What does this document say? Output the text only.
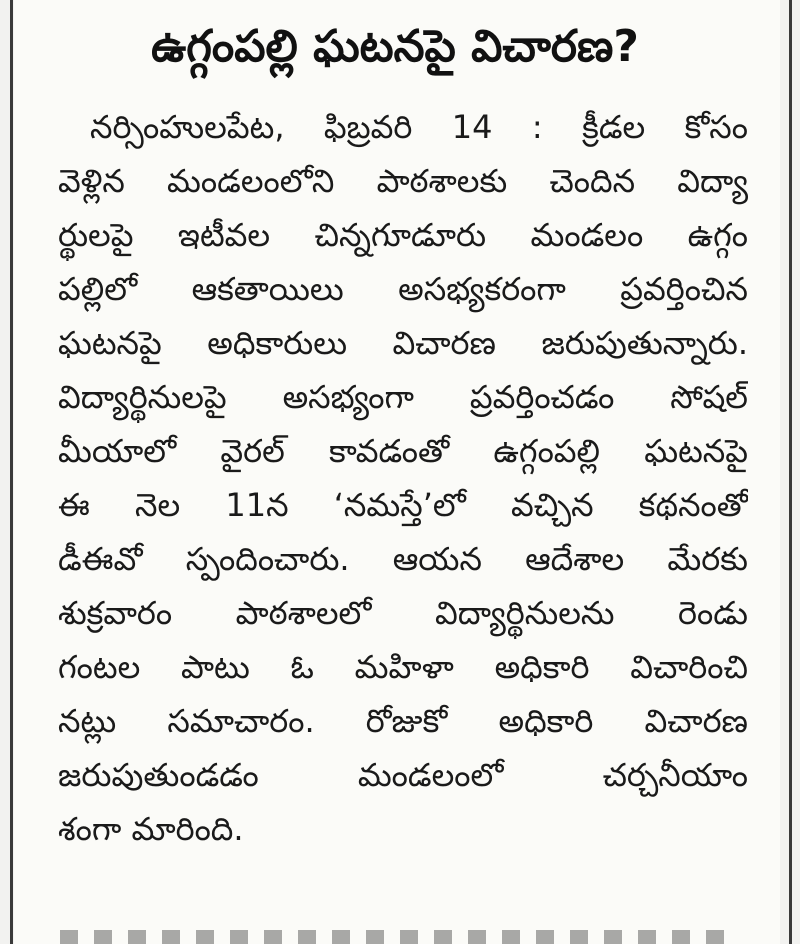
ఉగ్గంపల్లి ఘటనపై విచారణ?
నర్సింహులపేట, ఫిబ్రవరి 14 : క్రీడల కోసం
వెళ్లిన మండలంలోని పాఠశాలకు చెందిన విద్యా
ర్థులపై ఇటీవల చిన్నగూడూరు మండలం ఉగ్గం
పల్లిలో ఆకతాయిలు అసభ్యకరంగా ప్రవర్తించిన
ఘటనపై అధికారులు విచారణ జరుపుతున్నారు.
విద్యార్థినులపై అసభ్యంగా ప్రవర్తించడం సోషల్
మీయాలో వైరల్ కావడంతో ఉగ్గంపల్లి ఘటనపై
ఈ నెల 11న ‘నమస్తే’లో వచ్చిన కథనంతో
డీఈవో స్పందించారు. ఆయన ఆదేశాల మేరకు
శుక్రవారం పాఠశాలలో విద్యార్థినులను రెండు
గంటల పాటు ఓ మహిళా అధికారి విచారించి
నట్లు సమాచారం. రోజుకో అధికారి విచారణ
జరుపుతుండడం మండలంలో చర్చనీయాం
శంగా మారింది.
